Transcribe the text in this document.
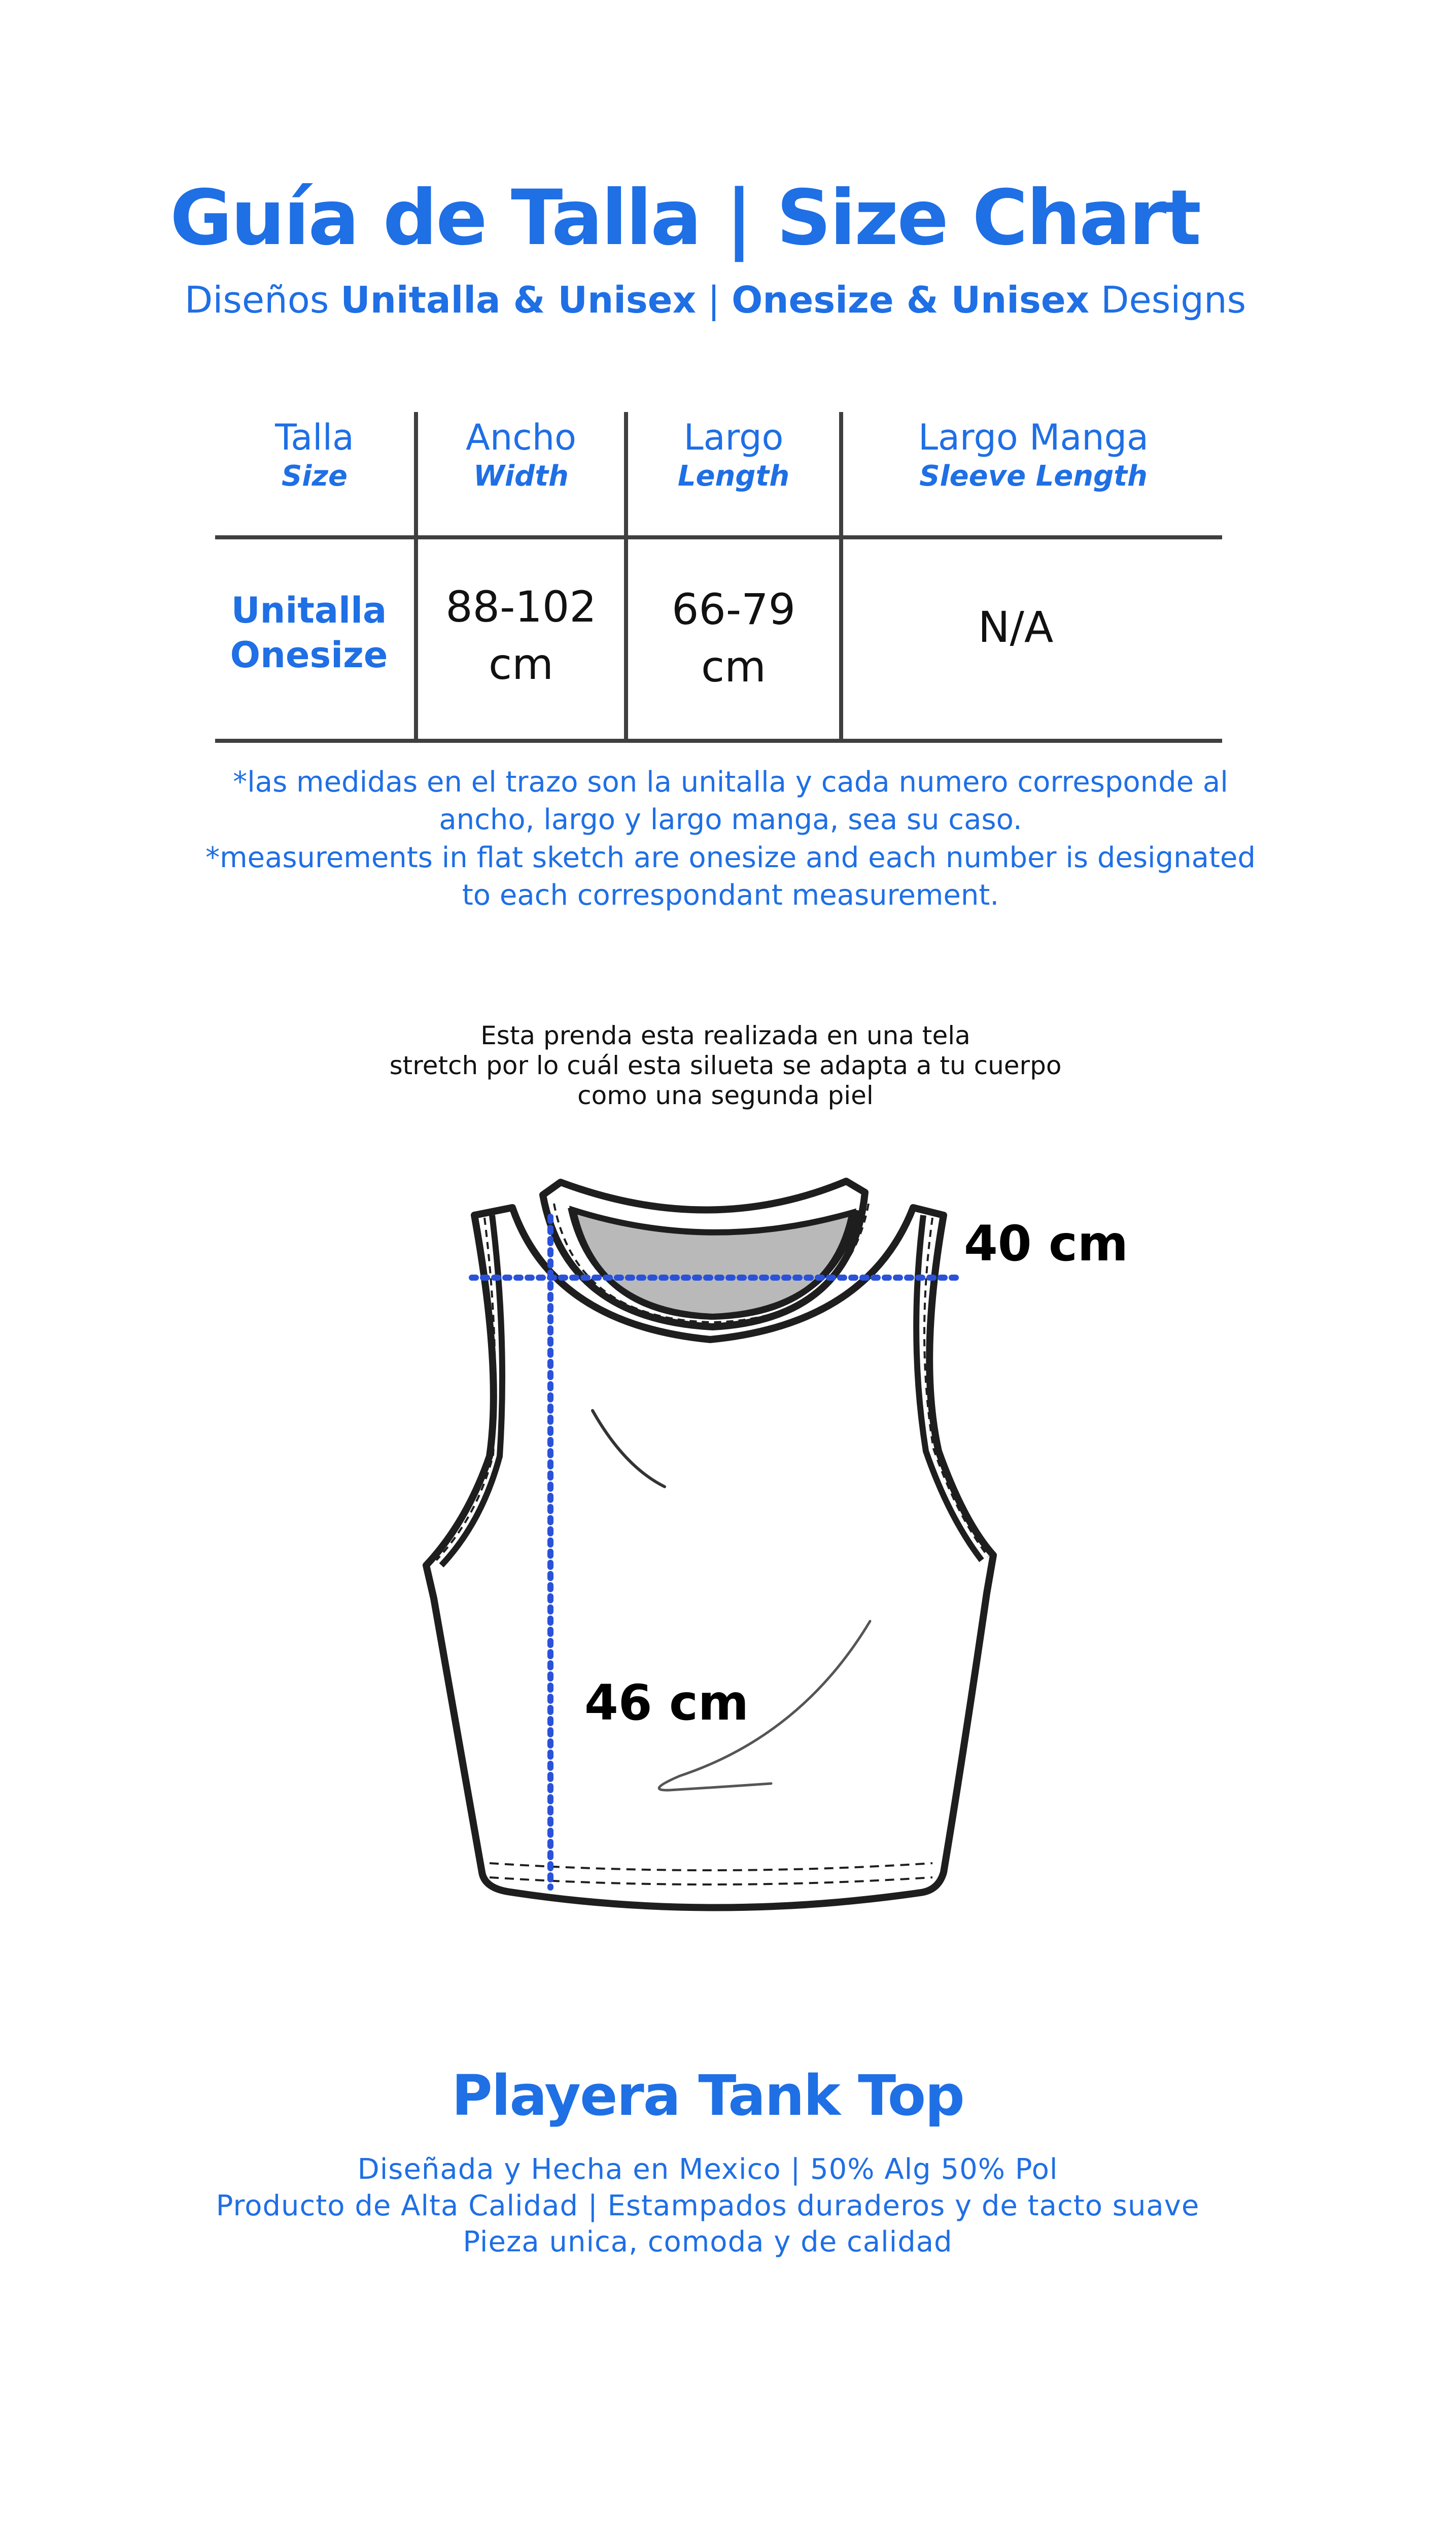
Guía de Talla | Size Chart
Diseños Unitalla & Unisex | Onesize & Unisex Designs
Talla
Size
Ancho
Width
Largo
Length
Largo Manga
Sleeve Length
Unitalla
Onesize
88-102
cm
66-79
cm
N/A
*las medidas en el trazo son la unitalla y cada numero corresponde al
ancho, largo y largo manga, sea su caso.
*measurements in flat sketch are onesize and each number is designated
to each correspondant measurement.
Esta prenda esta realizada en una tela
stretch por lo cuál esta silueta se adapta a tu cuerpo
como una segunda piel
40 cm
46 cm
Playera Tank Top
Diseñada y Hecha en Mexico | 50% Alg 50% Pol
Producto de Alta Calidad | Estampados duraderos y de tacto suave
Pieza unica, comoda y de calidad
